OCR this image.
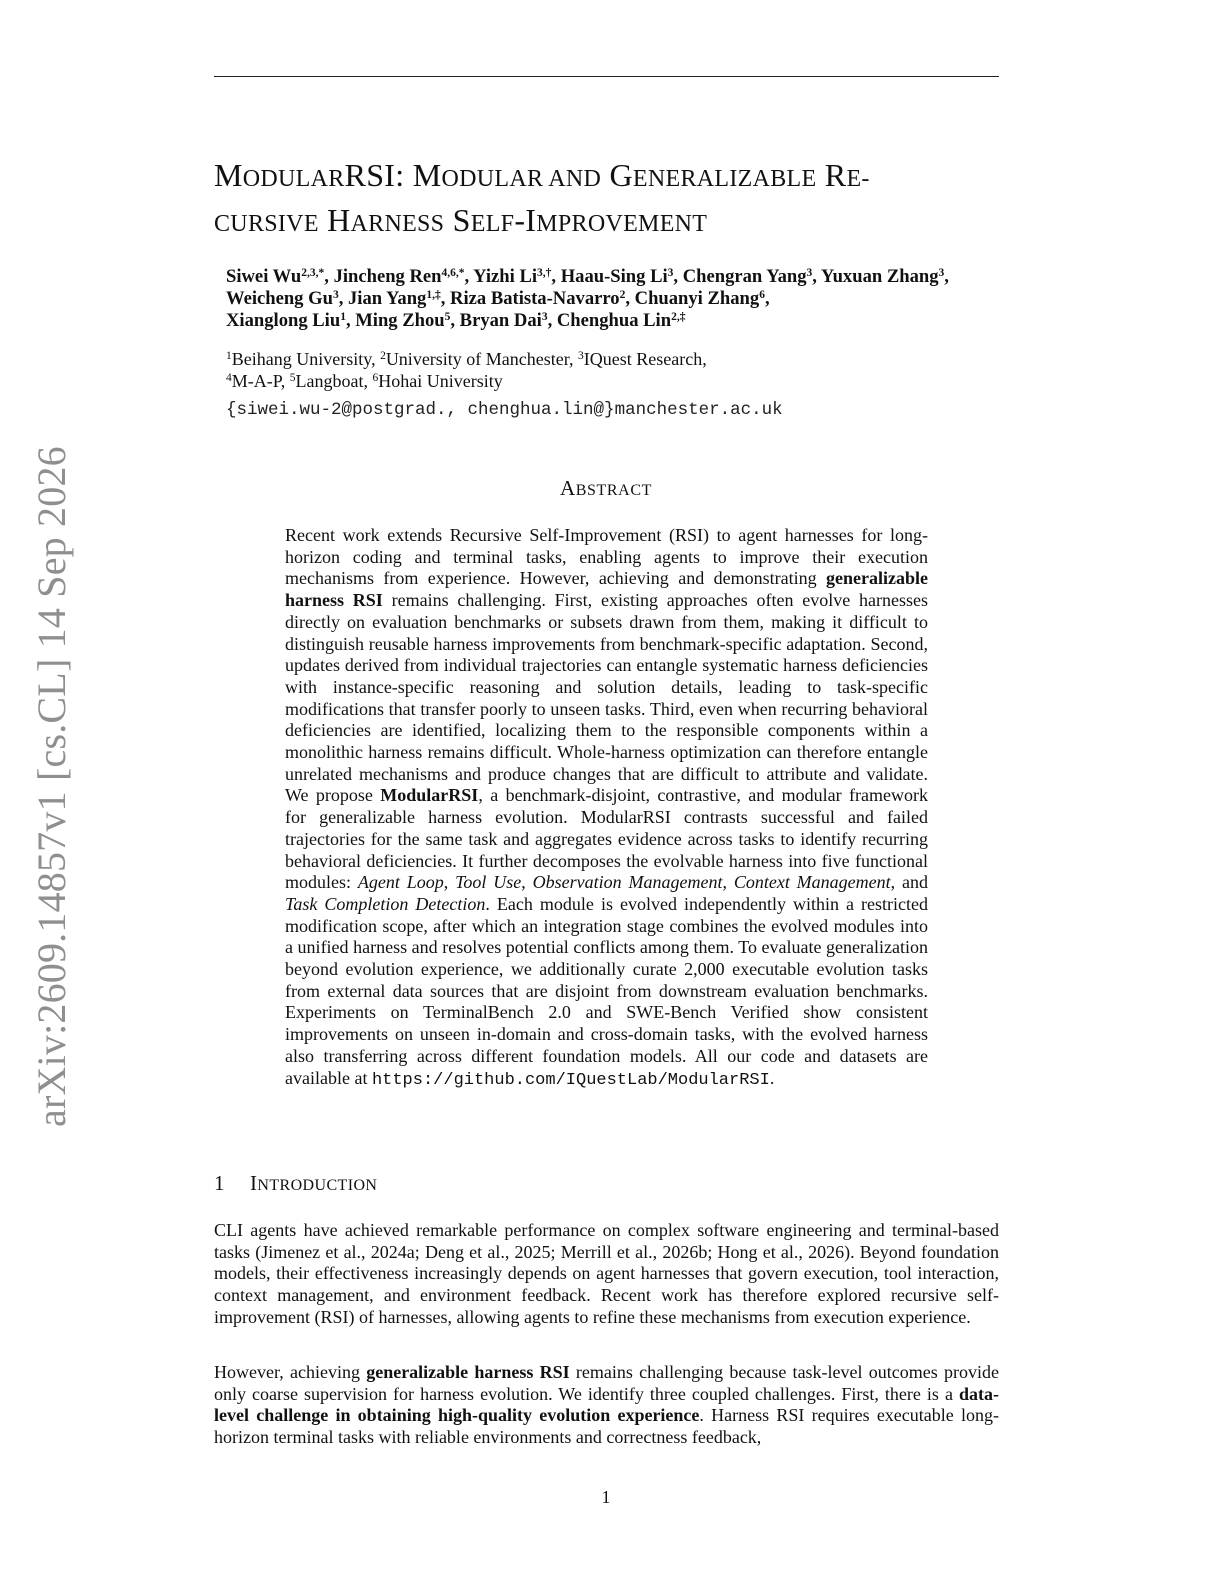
arXiv:2609.14857v1 [cs.CL] 14 Sep 2026
MODULARRSI: MODULAR AND GENERALIZABLE RE-
CURSIVE HARNESS SELF-IMPROVEMENT
Siwei $Wu^{2,3,*}$, Jincheng Ren$^{4,6,*}$, Yizhi $Li^{3,\dagger}$, Haau-Sing Li$^3$, Chengran Yang$^3$, Yuxuan Zhang$^3$,
Weicheng Gu$^3$, Jian Yang$^{1,\ddagger}$, Riza Batista-Navarro$^2$, Chuanyi Zhang$^6$,
Xianglong Liu$^1$, Ming Zhou$^5$, Bryan Dai$^3$, Chenghua Lin$^{2,\ddagger}$
$^1$Beihang University, $^2$University of Manchester, $^3$IQuest Research,
$^4$M-A-P, $^5$Langboat, $^6$Hohai University
{siwei.wu-2@postgrad., chenghua.lin@}manchester.ac.uk
ABSTRACT

Recent work extends Recursive Self-Improvement (RSI) to agent harnesses for long-horizon coding and terminal tasks, enabling agents to improve their execution mechanisms from experience. However, achieving and demonstrating generalizable harness RSI remains challenging. First, existing approaches often evolve harnesses directly on evaluation benchmarks or subsets drawn from them, making it difficult to distinguish reusable harness improvements from benchmark-specific adaptation. Second, updates derived from individual trajectories can entangle systematic harness deficiencies with instance-specific reasoning and solution details, leading to task-specific modifications that transfer poorly to unseen tasks. Third, even when recurring behavioral deficiencies are identified, localizing them to the responsible components within a monolithic harness remains difficult. Whole-harness optimization can therefore entangle unrelated mechanisms and produce changes that are difficult to attribute and validate. We propose ModularRSI, a benchmark-disjoint, contrastive, and modular framework for generalizable harness evolution. ModularRSI contrasts successful and failed trajectories for the same task and aggregates evidence across tasks to identify recurring behavioral deficiencies. It further decomposes the evolvable harness into five functional modules: Agent Loop, Tool Use, Observation Management, Context Management, and Task Completion Detection. Each module is evolved independently within a restricted modification scope, after which an integration stage combines the evolved modules into a unified harness and resolves potential conflicts among them. To evaluate generalization beyond evolution experience, we additionally curate 2,000 executable evolution tasks from external data sources that are disjoint from downstream evaluation benchmarks. Experiments on TerminalBench 2.0 and SWE-Bench Verified show consistent improvements on unseen in-domain and cross-domain tasks, with the evolved harness also transferring across different foundation models. All our code and datasets are available at https://github.com/IQuestLab/ModularRSI.

1 INTRODUCTION

CLI agents have achieved remarkable performance on complex software engineering and terminal-based tasks (Jimenez et al., 2024a; Deng et al., 2025; Merrill et al., 2026b; Hong et al., 2026). Beyond foundation models, their effectiveness increasingly depends on agent harnesses that govern execution, tool interaction, context management, and environment feedback. Recent work has therefore explored recursive self-improvement (RSI) of harnesses, allowing agents to refine these mechanisms from execution experience.

However, achieving generalizable harness RSI remains challenging because task-level outcomes provide only coarse supervision for harness evolution. We identify three coupled challenges. First, there is a data-level challenge in obtaining high-quality evolution experience. Harness RSI requires executable long-horizon terminal tasks with reliable environments and correctness feedback,

1
